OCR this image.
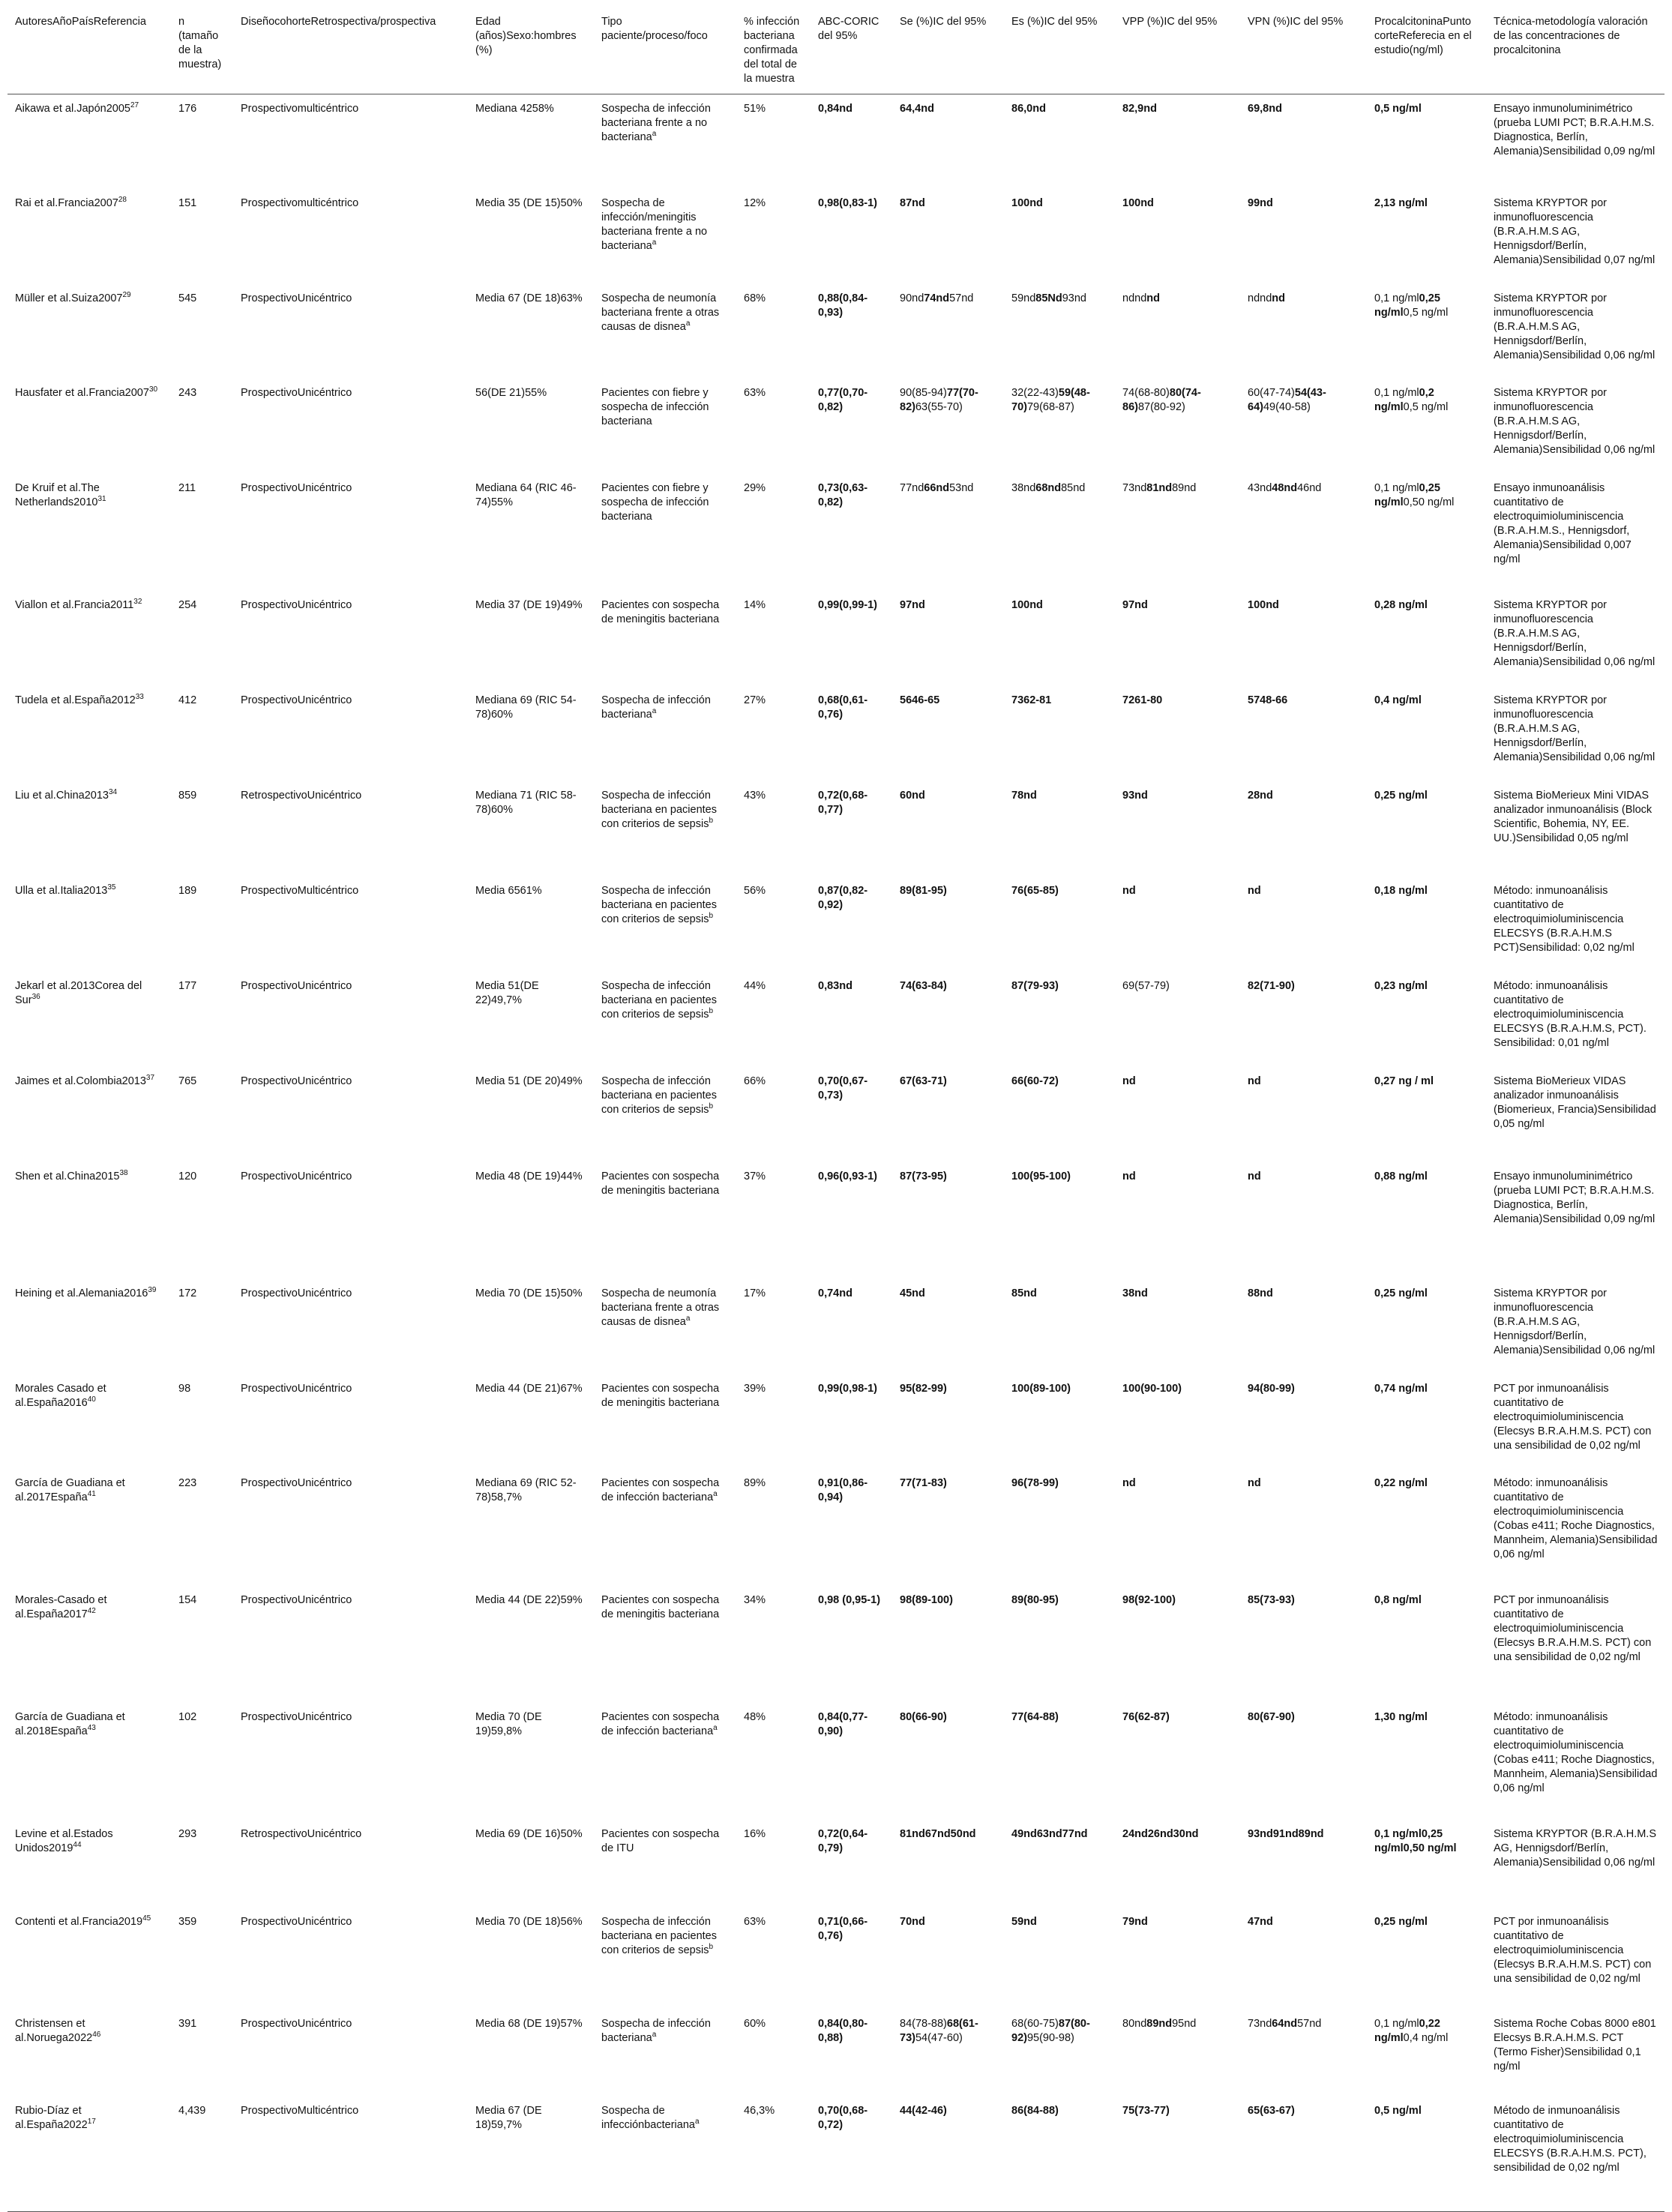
AutoresAñoPaísReferencia	n (tamaño de la muestra)	DiseñocohorteRetrospectiva/prospectiva	Edad (años)Sexo:hombres (%)	Tipo paciente/proceso/foco	% infección bacteriana confirmada del total de la muestra	ABC-CORIC del 95%	Se (%)IC del 95%	Es (%)IC del 95%	VPP (%)IC del 95%	VPN (%)IC del 95%	ProcalcitoninaPunto corteReferecia en el estudio(ng/ml)	Técnica-metodología valoración de las concentraciones de procalcitonina
Aikawa et al.Japón2005$^{27}$	176	Prospectivomulticéntrico	Mediana 4258%	Sospecha de infección bacteriana frente a no bacteriana$^a$	51%	0,84nd	64,4nd	86,0nd	82,9nd	69,8nd	0,5 ng/ml	Ensayo inmunoluminimétrico (prueba LUMI PCT; B.R.A.H.M.S. Diagnostica, Berlín, Alemania)Sensibilidad 0,09 ng/ml
Rai et al.Francia2007$^{28}$	151	Prospectivomulticéntrico	Media 35 (DE 15)50%	Sospecha de infección/meningitis bacteriana frente a no bacteriana$^a$	12%	0,98(0,83-1)	87nd	100nd	100nd	99nd	2,13 ng/ml	Sistema KRYPTOR por inmunofluorescencia (B.R.A.H.M.S AG, Hennigsdorf/Berlín, Alemania)Sensibilidad 0,07 ng/ml
Müller et al.Suiza2007$^{29}$	545	ProspectivoUnicéntrico	Media 67 (DE 18)63%	Sospecha de neumonía bacteriana frente a otras causas de disnea$^a$	68%	0,88(0,84-0,93)	90nd74nd57nd	59nd85Nd93nd	ndndnd	ndndnd	0,1 ng/ml0,25 ng/ml0,5 ng/ml	Sistema KRYPTOR por inmunofluorescencia (B.R.A.H.M.S AG, Hennigsdorf/Berlín, Alemania)Sensibilidad 0,06 ng/ml
Hausfater et al.Francia2007$^{30}$	243	ProspectivoUnicéntrico	56(DE 21)55%	Pacientes con fiebre y sospecha de infección bacteriana	63%	0,77(0,70-0,82)	90(85-94)77(70-82)63(55-70)	32(22-43)59(48-70)79(68-87)	74(68-80)80(74-86)87(80-92)	60(47-74)54(43-64)49(40-58)	0,1 ng/ml0,2 ng/ml0,5 ng/ml	Sistema KRYPTOR por inmunofluorescencia (B.R.A.H.M.S AG, Hennigsdorf/Berlín, Alemania)Sensibilidad 0,06 ng/ml
De Kruif et al.The Netherlands2010$^{31}$	211	ProspectivoUnicéntrico	Mediana 64 (RIC 46-74)55%	Pacientes con fiebre y sospecha de infección bacteriana	29%	0,73(0,63-0,82)	77nd66nd53nd	38nd68nd85nd	73nd81nd89nd	43nd48nd46nd	0,1 ng/ml0,25 ng/ml0,50 ng/ml	Ensayo inmunoanálisis cuantitativo de electroquimioluminiscencia (B.R.A.H.M.S., Hennigsdorf, Alemania)Sensibilidad 0,007 ng/ml
Viallon et al.Francia2011$^{32}$	254	ProspectivoUnicéntrico	Media 37 (DE 19)49%	Pacientes con sospecha de meningitis bacteriana	14%	0,99(0,99-1)	97nd	100nd	97nd	100nd	0,28 ng/ml	Sistema KRYPTOR por inmunofluorescencia (B.R.A.H.M.S AG, Hennigsdorf/Berlín, Alemania)Sensibilidad 0,06 ng/ml
Tudela et al.España2012$^{33}$	412	ProspectivoUnicéntrico	Mediana 69 (RIC 54-78)60%	Sospecha de infección bacteriana$^a$	27%	0,68(0,61-0,76)	5646-65	7362-81	7261-80	5748-66	0,4 ng/ml	Sistema KRYPTOR por inmunofluorescencia (B.R.A.H.M.S AG, Hennigsdorf/Berlín, Alemania)Sensibilidad 0,06 ng/ml
Liu et al.China2013$^{34}$	859	RetrospectivoUnicéntrico	Mediana 71 (RIC 58-78)60%	Sospecha de infección bacteriana en pacientes con criterios de sepsis$^b$	43%	0,72(0,68-0,77)	60nd	78nd	93nd	28nd	0,25 ng/ml	Sistema BioMerieux Mini VIDAS analizador inmunoanálisis (Block Scientific, Bohemia, NY, EE. UU.)Sensibilidad 0,05 ng/ml
Ulla et al.Italia2013$^{35}$	189	ProspectivoMulticéntrico	Media 6561%	Sospecha de infección bacteriana en pacientes con criterios de sepsis$^b$	56%	0,87(0,82-0,92)	89(81-95)	76(65-85)	nd	nd	0,18 ng/ml	Método: inmunoanálisis cuantitativo de electroquimioluminiscencia ELECSYS (B.R.A.H.M.S PCT)Sensibilidad: 0,02 ng/ml
Jekarl et al.2013Corea del Sur$^{36}$	177	ProspectivoUnicéntrico	Media 51(DE 22)49,7%	Sospecha de infección bacteriana en pacientes con criterios de sepsis$^b$	44%	0,83nd	74(63-84)	87(79-93)	69(57-79)	82(71-90)	0,23 ng/ml	Método: inmunoanálisis cuantitativo de electroquimioluminiscencia ELECSYS (B.R.A.H.M.S, PCT). Sensibilidad: 0,01 ng/ml
Jaimes et al.Colombia2013$^{37}$	765	ProspectivoUnicéntrico	Media 51 (DE 20)49%	Sospecha de infección bacteriana en pacientes con criterios de sepsis$^b$	66%	0,70(0,67-0,73)	67(63-71)	66(60-72)	nd	nd	0,27 ng / ml	Sistema BioMerieux VIDAS analizador inmunoanálisis (Biomerieux, Francia)Sensibilidad 0,05 ng/ml
Shen et al.China2015$^{38}$	120	ProspectivoUnicéntrico	Media 48 (DE 19)44%	Pacientes con sospecha de meningitis bacteriana	37%	0,96(0,93-1)	87(73-95)	100(95-100)	nd	nd	0,88 ng/ml	Ensayo inmunoluminimétrico (prueba LUMI PCT; B.R.A.H.M.S. Diagnostica, Berlín, Alemania)Sensibilidad 0,09 ng/ml
Heining et al.Alemania2016$^{39}$	172	ProspectivoUnicéntrico	Media 70 (DE 15)50%	Sospecha de neumonía bacteriana frente a otras causas de disnea$^a$	17%	0,74nd	45nd	85nd	38nd	88nd	0,25 ng/ml	Sistema KRYPTOR por inmunofluorescencia (B.R.A.H.M.S AG, Hennigsdorf/Berlín, Alemania)Sensibilidad 0,06 ng/ml
Morales Casado et al.España2016$^{40}$	98	ProspectivoUnicéntrico	Media 44 (DE 21)67%	Pacientes con sospecha de meningitis bacteriana	39%	0,99(0,98-1)	95(82-99)	100(89-100)	100(90-100)	94(80-99)	0,74 ng/ml	PCT por inmunoanálisis cuantitativo de electroquimioluminiscencia (Elecsys B.R.A.H.M.S. PCT) con una sensibilidad de 0,02 ng/ml
García de Guadiana et al.2017España$^{41}$	223	ProspectivoUnicéntrico	Mediana 69 (RIC 52-78)58,7%	Pacientes con sospecha de infección bacteriana$^a$	89%	0,91(0,86-0,94)	77(71-83)	96(78-99)	nd	nd	0,22 ng/ml	Método: inmunoanálisis cuantitativo de electroquimioluminiscencia (Cobas e411; Roche Diagnostics, Mannheim, Alemania)Sensibilidad 0,06 ng/ml
Morales-Casado et al.España2017$^{42}$	154	ProspectivoUnicéntrico	Media 44 (DE 22)59%	Pacientes con sospecha de meningitis bacteriana	34%	0,98 (0,95-1)	98(89-100)	89(80-95)	98(92-100)	85(73-93)	0,8 ng/ml	PCT por inmunoanálisis cuantitativo de electroquimioluminiscencia (Elecsys B.R.A.H.M.S. PCT) con una sensibilidad de 0,02 ng/ml
García de Guadiana et al.2018España$^{43}$	102	ProspectivoUnicéntrico	Media 70 (DE 19)59,8%	Pacientes con sospecha de infección bacteriana$^a$	48%	0,84(0,77-0,90)	80(66-90)	77(64-88)	76(62-87)	80(67-90)	1,30 ng/ml	Método: inmunoanálisis cuantitativo de electroquimioluminiscencia (Cobas e411; Roche Diagnostics, Mannheim, Alemania)Sensibilidad 0,06 ng/ml
Levine et al.Estados Unidos2019$^{44}$	293	RetrospectivoUnicéntrico	Media 69 (DE 16)50%	Pacientes con sospecha de ITU	16%	0,72(0,64-0,79)	81nd67nd50nd	49nd63nd77nd	24nd26nd30nd	93nd91nd89nd	0,1 ng/ml0,25 ng/ml0,50 ng/ml	Sistema KRYPTOR (B.R.A.H.M.S AG, Hennigsdorf/Berlín, Alemania)Sensibilidad 0,06 ng/ml
Contenti et al.Francia2019$^{45}$	359	ProspectivoUnicéntrico	Media 70 (DE 18)56%	Sospecha de infección bacteriana en pacientes con criterios de sepsis$^b$	63%	0,71(0,66-0,76)	70nd	59nd	79nd	47nd	0,25 ng/ml	PCT por inmunoanálisis cuantitativo de electroquimioluminiscencia (Elecsys B.R.A.H.M.S. PCT) con una sensibilidad de 0,02 ng/ml
Christensen et al.Noruega2022$^{46}$	391	ProspectivoUnicéntrico	Media 68 (DE 19)57%	Sospecha de infección bacteriana$^a$	60%	0,84(0,80-0,88)	84(78-88)68(61-73)54(47-60)	68(60-75)87(80-92)95(90-98)	80nd89nd95nd	73nd64nd57nd	0,1 ng/ml0,22 ng/ml0,4 ng/ml	Sistema Roche Cobas 8000 e801 Elecsys B.R.A.H.M.S. PCT (Termo Fisher)Sensibilidad 0,1 ng/ml
Rubio-Díaz et al.España2022$^{17}$	4,439	ProspectivoMulticéntrico	Media 67 (DE 18)59,7%	Sospecha de infecciónbacteriana$^a$	46,3%	0,70(0,68-0,72)	44(42-46)	86(84-88)	75(73-77)	65(63-67)	0,5 ng/ml	Método de inmunoanálisis cuantitativo de electroquimioluminiscencia ELECSYS (B.R.A.H.M.S. PCT), sensibilidad de 0,02 ng/ml
